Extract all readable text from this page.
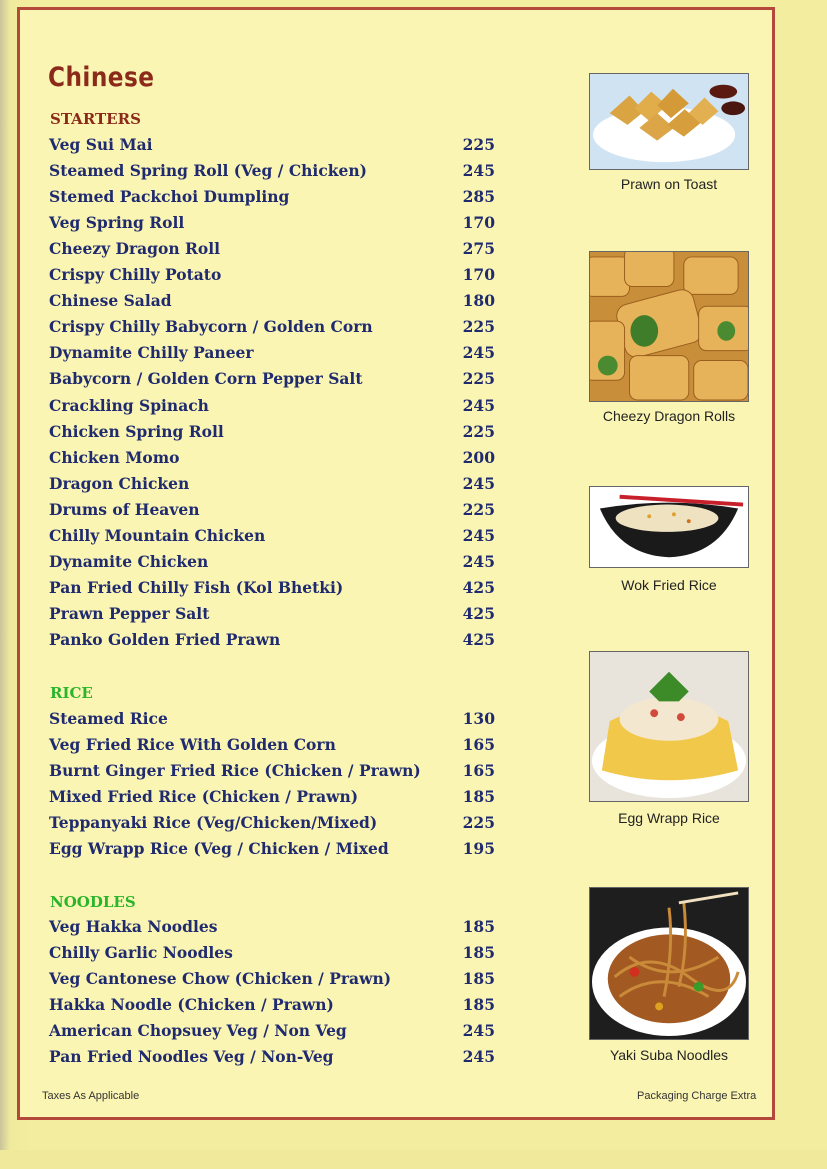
Chinese
STARTERS
Veg Sui Mai	225
Steamed Spring Roll (Veg / Chicken)	245
Stemed Packchoi Dumpling	285
Veg Spring Roll	170
Cheezy Dragon Roll	275
Crispy Chilly Potato	170
Chinese Salad	180
Crispy Chilly Babycorn / Golden Corn	225
Dynamite Chilly Paneer	245
Babycorn / Golden Corn Pepper Salt	225
Crackling Spinach	245
Chicken Spring Roll	225
Chicken Momo	200
Dragon Chicken	245
Drums of Heaven	225
Chilly Mountain Chicken	245
Dynamite Chicken	245
Pan Fried Chilly Fish (Kol Bhetki)	425
Prawn Pepper Salt	425
Panko Golden Fried Prawn	425
RICE
Steamed Rice	130
Veg Fried Rice With Golden Corn	165
Burnt Ginger Fried Rice (Chicken / Prawn)	165
Mixed Fried Rice (Chicken / Prawn)	185
Teppanyaki Rice (Veg/Chicken/Mixed)	225
Egg Wrapp Rice (Veg / Chicken / Mixed	195
NOODLES
Veg Hakka Noodles	185
Chilly Garlic Noodles	185
Veg Cantonese Chow (Chicken / Prawn)	185
Hakka Noodle (Chicken / Prawn)	185
American Chopsuey Veg / Non Veg	245
Pan Fried Noodles Veg / Non-Veg	245
Prawn on Toast
Cheezy Dragon Rolls
Wok Fried Rice
Egg Wrapp Rice
Yaki Suba Noodles
Taxes As Applicable	Packaging Charge Extra
